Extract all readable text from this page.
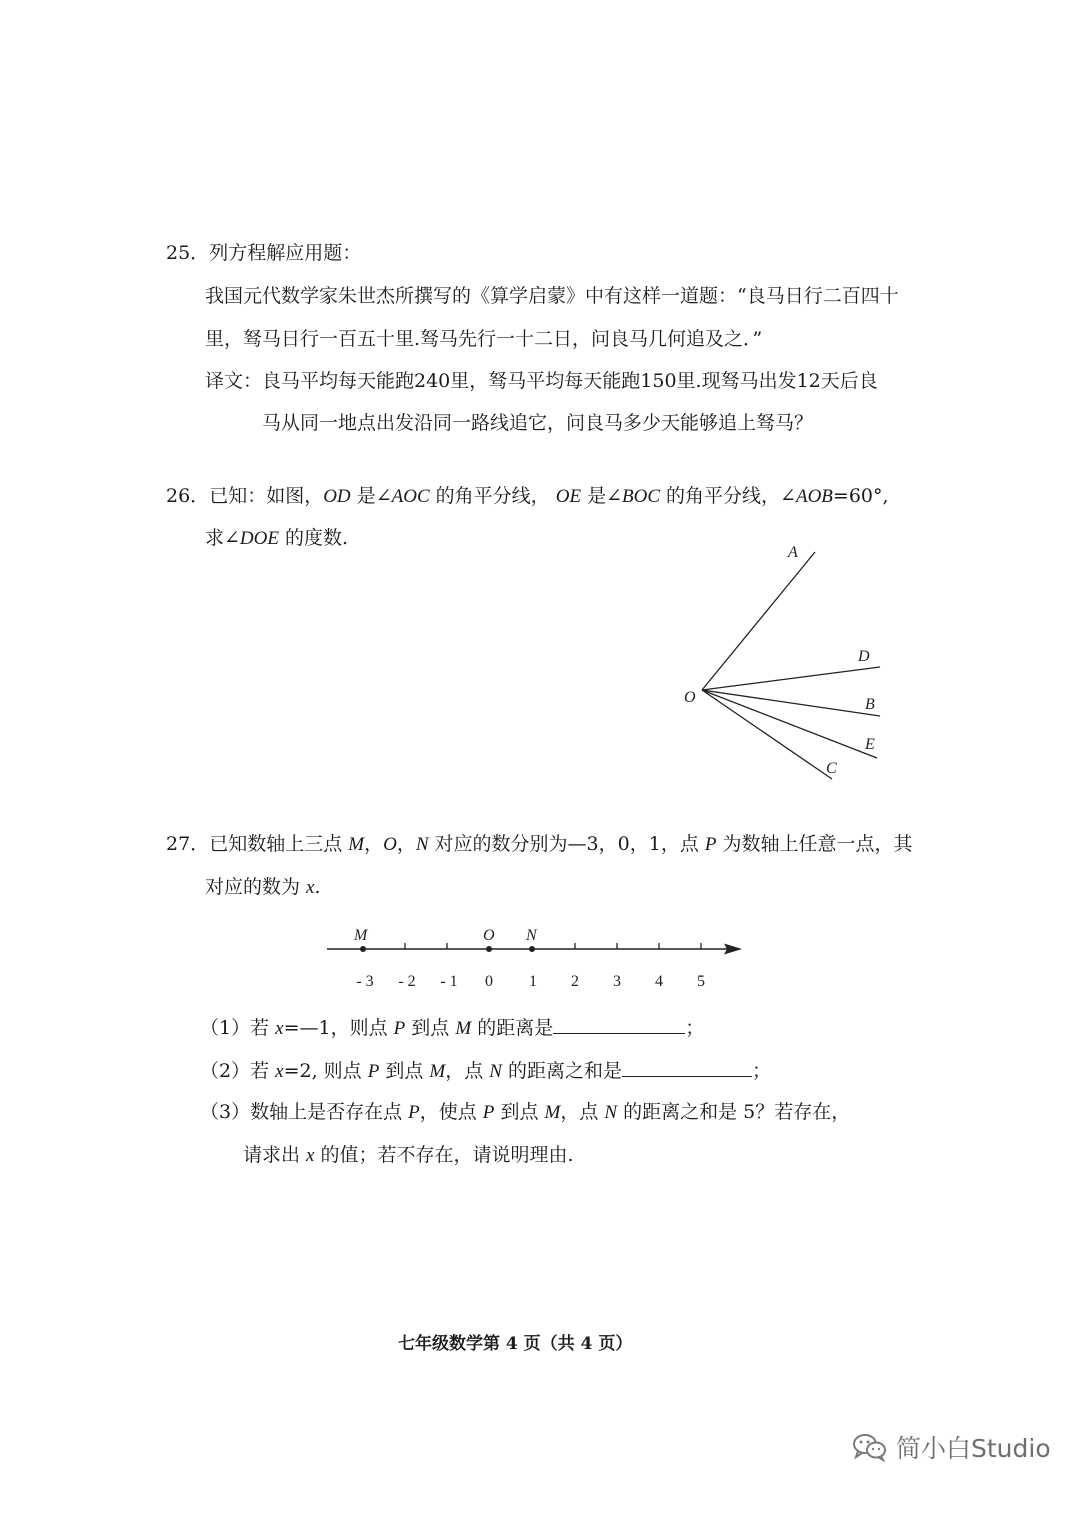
25．列方程解应用题：
我国元代数学家朱世杰所撰写的《算学启蒙》中有这样一道题：“良马日行二百四十
里，驽马日行一百五十里.驽马先行一十二日，问良马几何追及之．”
译文：良马平均每天能跑240里，驽马平均每天能跑150里.现驽马出发12天后良
马从同一地点出发沿同一路线追它，问良马多少天能够追上驽马？
26．已知：如图，OD 是∠AOC 的角平分线， OE 是∠BOC 的角平分线，∠AOB=60°,
求∠DOE 的度数.
A
D
O	B
E
C
27．已知数轴上三点 M，O，N 对应的数分别为—3，0，1，点 P 为数轴上任意一点，其
对应的数为 x.
M	O N
- 3 - 2 - 1 0 1 2 3 4 5
（1）若 x=—1，则点 P 到点 M 的距离是	；
（2）若 x=2, 则点 P 到点 M，点 N 的距离之和是	；
（3）数轴上是否存在点 P，使点 P 到点 M，点 N 的距离之和是 5？若存在，
请求出 x 的值；若不存在，请说明理由.
七年级数学第 4 页（共 4 页）
简小白Studio
